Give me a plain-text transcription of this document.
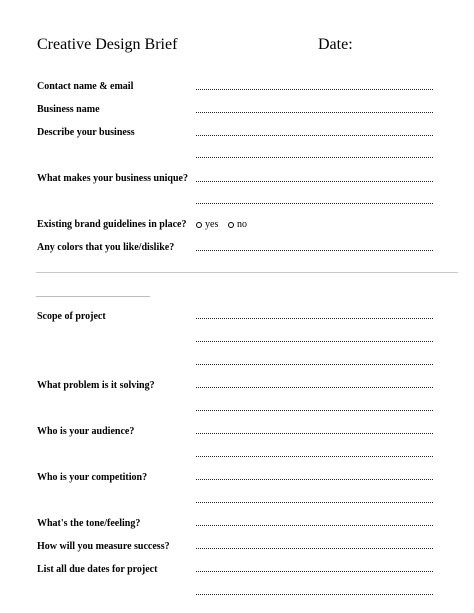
Creative Design Brief	Date:
Contact name & email
Business name
Describe your business
What makes your business unique?
Existing brand guidelines in place? yes no
Any colors that you like/dislike?
Scope of project
What problem is it solving?
Who is your audience?
Who is your competition?
What's the tone/feeling?
How will you measure success?
List all due dates for project
